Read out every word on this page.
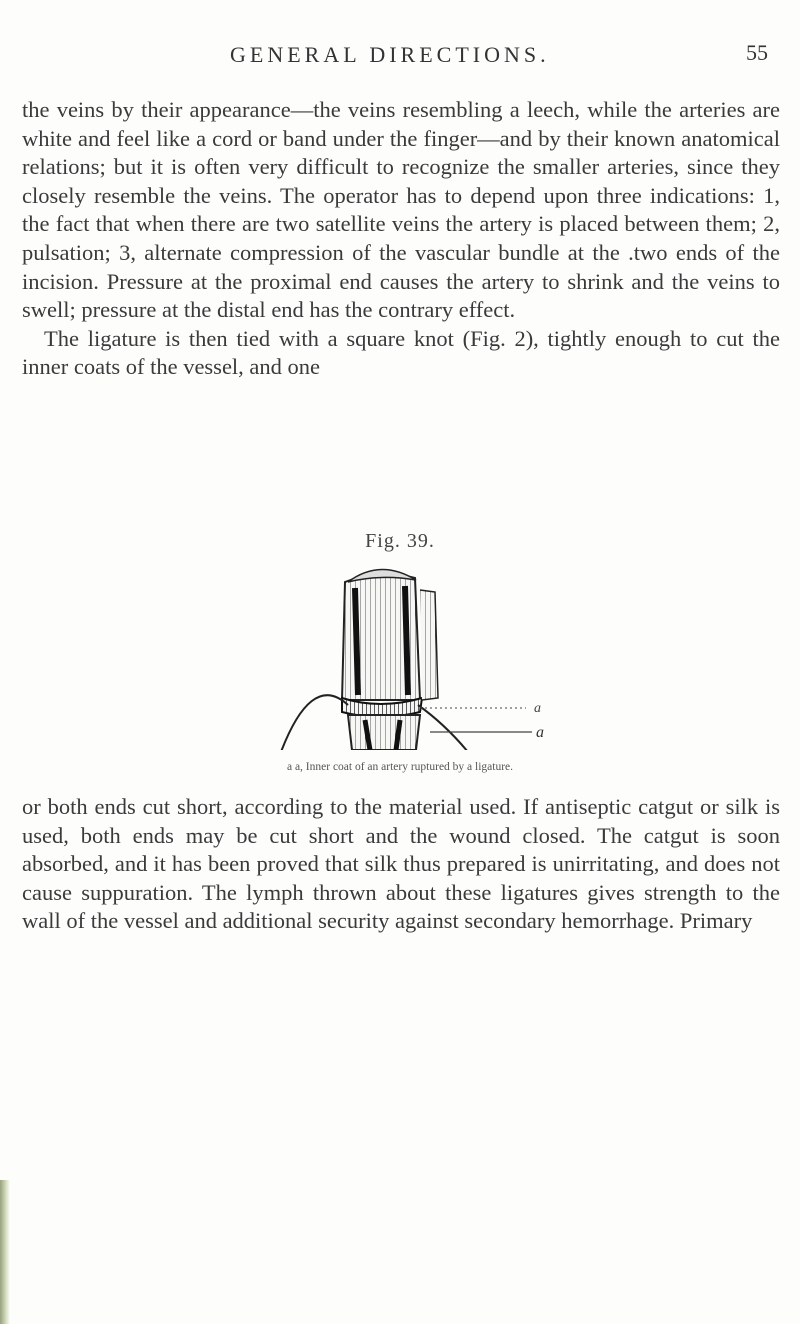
GENERAL DIRECTIONS.	55

the veins by their appearance—the veins resembling a leech, while the arteries are white and feel like a cord or band under the finger—and by their known anatomical relations; but it is often very difficult to recognize the smaller arteries, since they closely resemble the veins. The operator has to depend upon three indications: 1, the fact that when there are two satellite veins the artery is placed between them; 2, pulsation; 3, alternate compression of the vascular bundle at the .two ends of the incision. Pressure at the proximal end causes the artery to shrink and the veins to swell; pressure at the distal end has the contrary effect.

The ligature is then tied with a square knot (Fig. 2), tightly enough to cut the inner coats of the vessel, and one

Fig. 39.
a
a
a a, Inner coat of an artery ruptured by a ligature.

or both ends cut short, according to the material used. If antiseptic catgut or silk is used, both ends may be cut short and the wound closed. The catgut is soon absorbed, and it has been proved that silk thus prepared is unirritating, and does not cause suppuration. The lymph thrown about these ligatures gives strength to the wall of the vessel and additional security against secondary hemorrhage. Primary
